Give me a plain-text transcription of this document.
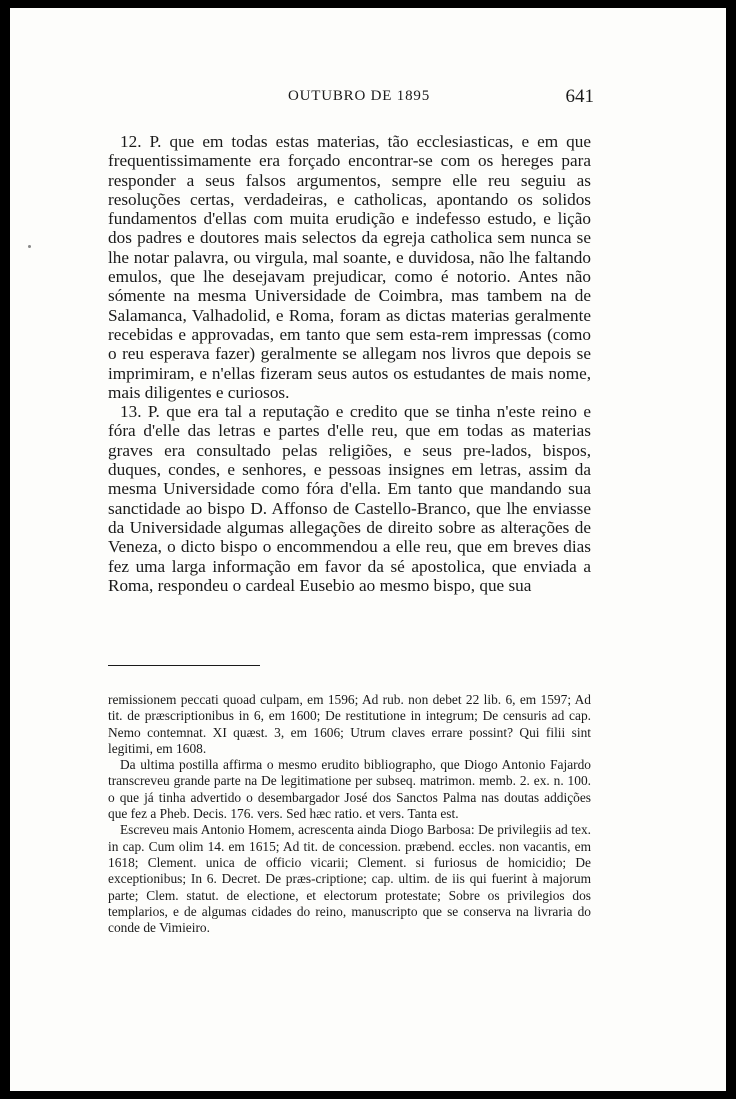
OUTUBRO DE 1895	641

12. P. que em todas estas materias, tão ecclesiasticas, e em que frequentissimamente era forçado encontrar-se com os hereges para responder a seus falsos argumentos, sempre elle reu seguiu as resoluções certas, verdadeiras, e catholicas, apontando os solidos fundamentos d'ellas com muita erudição e indefesso estudo, e lição dos padres e doutores mais selectos da egreja catholica sem nunca se lhe notar palavra, ou virgula, mal soante, e duvidosa, não lhe faltando emulos, que lhe desejavam prejudicar, como é notorio. Antes não sómente na mesma Universidade de Coimbra, mas tambem na de Salamanca, Valhadolid, e Roma, foram as dictas materias geralmente recebidas e approvadas, em tanto que sem esta-rem impressas (como o reu esperava fazer) geralmente se allegam nos livros que depois se imprimiram, e n'ellas fizeram seus autos os estudantes de mais nome, mais diligentes e curiosos.

13. P. que era tal a reputação e credito que se tinha n'este reino e fóra d'elle das letras e partes d'elle reu, que em todas as materias graves era consultado pelas religiões, e seus pre-lados, bispos, duques, condes, e senhores, e pessoas insignes em letras, assim da mesma Universidade como fóra d'ella. Em tanto que mandando sua sanctidade ao bispo D. Affonso de Castello-Branco, que lhe enviasse da Universidade algumas allegações de direito sobre as alterações de Veneza, o dicto bispo o encommendou a elle reu, que em breves dias fez uma larga informação em favor da sé apostolica, que enviada a Roma, respondeu o cardeal Eusebio ao mesmo bispo, que sua

remissionem peccati quoad culpam, em 1596; Ad rub. non debet 22 lib. 6, em 1597; Ad tit. de præscriptionibus in 6, em 1600; De restitutione in integrum; De censuris ad cap. Nemo contemnat. XI quæst. 3, em 1606; Utrum claves errare possint? Qui filii sint legitimi, em 1608.

Da ultima postilla affirma o mesmo erudito bibliographo, que Diogo Antonio Fajardo transcreveu grande parte na De legitimatione per subseq. matrimon. memb. 2. ex. n. 100. o que já tinha advertido o desembargador José dos Sanctos Palma nas doutas addições que fez a Pheb. Decis. 176. vers. Sed hæc ratio. et vers. Tanta est.

Escreveu mais Antonio Homem, acrescenta ainda Diogo Barbosa: De privilegiis ad tex. in cap. Cum olim 14. em 1615; Ad tit. de concession. præbend. eccles. non vacantis, em 1618; Clement. unica de officio vicarii; Clement. si furiosus de homicidio; De exceptionibus; In 6. Decret. De præs-criptione; cap. ultim. de iis qui fuerint à majorum parte; Clem. statut. de electione, et electorum protestate; Sobre os privilegios dos templarios, e de algumas cidades do reino, manuscripto que se conserva na livraria do conde de Vimieiro.
